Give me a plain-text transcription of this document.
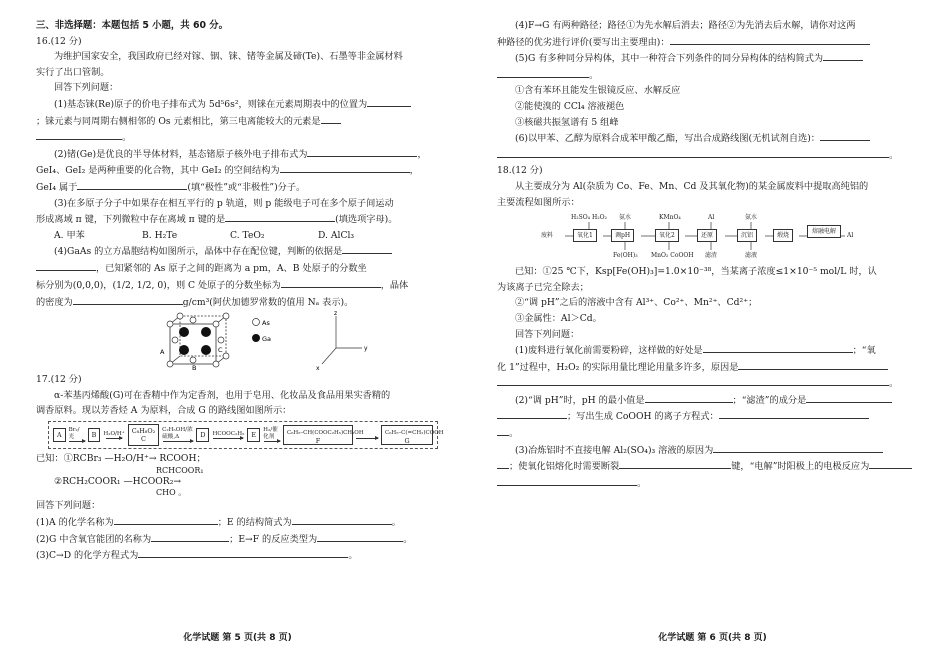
三、非选择题：本题包括 5 小题，共 60 分。
16.(12 分)
为维护国家安全，我国政府已经对镓、铟、铼、锗等金属及碲(Te)、石墨等非金属材料
实行了出口管制。
回答下列问题：
(1)基态铼(Re)原子的价电子排布式为 5d⁵6s²，则铼在元素周期表中的位置为
；铼元素与同周期右侧相邻的 Os 元素相比，第三电离能较大的元素是
。
(2)锗(Ge)是优良的半导体材料，基态锗原子核外电子排布式为	，
GeI₄、GeI₂ 是两种重要的化合物，其中 GeI₂ 的空间结构为	，
GeI₄ 属于	(填“极性”或“非极性”)分子。
(3)在多原子分子中如果存在相互平行的 p 轨道，则 p 能级电子可在多个原子间运动
形成离域 π 键，下列微粒中存在离域 π 键的是	(填选项字母)。
A. 甲苯	B. H₂Te	C. TeO₂	D. AlCl₃
(4)GaAs 的立方晶胞结构如图所示，晶体中存在配位键，判断的依据是
，已知紧邻的 As 原子之间的距离为 a pm，A、B 处原子的分数坐
标分别为(0,0,0)，(1/2, 1/2, 0)，则 C 处原子的分数坐标为	，晶体
的密度为	g/cm³(阿伏加德罗常数的值用 Nₐ 表示)。
As
Ga
A
B
C
z
y
x
17.(12 分)
α-苯基丙烯酸(G)可在香精中作为定香剂，也用于皂用、化妆品及食品用果实香精的
调香原料。现以芳香烃 A 为原料，合成 G 的路线图如图所示：
A
Br₂/光	B	H₂O/H⁺	C₈H₈O₂
C
C₂H₅OH/浓硫酸,Δ	D	HCOOC₂H₅	E
H₂/催化剂
C₆H₅–CH(COOC₂H₅)CH₂OH
F

C₆H₅–C(=CH₂)COOH
G
已知：①RCBr₃ —H₂O/H⁺→ RCOOH；
RCHCOOR₁
②RCH₂COOR₁ —HCOOR₂→
CHO 。
回答下列问题：
(1)A 的化学名称为	；E 的结构简式为	。
(2)G 中含氧官能团的名称为	；E→F 的反应类型为	。
(3)C→D 的化学方程式为	。
化学试题 第 5 页(共 8 页)
(4)F→G 有两种路径；路径①为先水解后消去；路径②为先消去后水解，请你对这两
种路径的优劣进行评价(要写出主要理由)：
(5)G 有多种同分异构体，其中一种符合下列条件的同分异构体的结构简式为
。
①含有苯环且能发生银镜反应、水解反应
②能使溴的 CCl₄ 溶液褪色
③核磁共振氢谱有 5 组峰
(6)以甲苯、乙醇为原料合成苯甲酸乙酯，写出合成路线图(无机试剂自选)：
。
18.(12 分)
从主要成分为 Al(杂质为 Co、Fe、Mn、Cd 及其氧化物)的某金属废料中提取高纯铝的
主要流程如图所示：
废料	氧化1	调pH	氧化2	还原	沉铝	煅烧
熔融电解
Al
H₂SO₄ H₂O₂ 氨水	KMnO₄	Al	氨水
Fe(OH)₃ MnO₂ CoOOH 滤渣	滤液
已知：①25 ℃下，Ksp[Fe(OH)₃]=1.0×10⁻³⁸，当某离子浓度≤1×10⁻⁵ mol/L 时，认
为该离子已完全除去；
②“调 pH”之后的溶液中含有 Al³⁺、Co²⁺、Mn²⁺、Cd²⁺；
③金属性：Al＞Cd。
回答下列问题：
(1)废料进行氧化前需要粉碎，这样做的好处是	；“氧
化 1”过程中，H₂O₂ 的实际用量比理论用量多许多，原因是
。
(2)“调 pH”时，pH 的最小值是	；“滤渣”的成分是
；写出生成 CoOOH 的离子方程式：
。
(3)冶炼铝时不直接电解 Al₂(SO₄)₃ 溶液的原因为
；使氧化铝熔化时需要断裂	键，“电解”时阳极上的电极反应为
。
化学试题 第 6 页(共 8 页)
